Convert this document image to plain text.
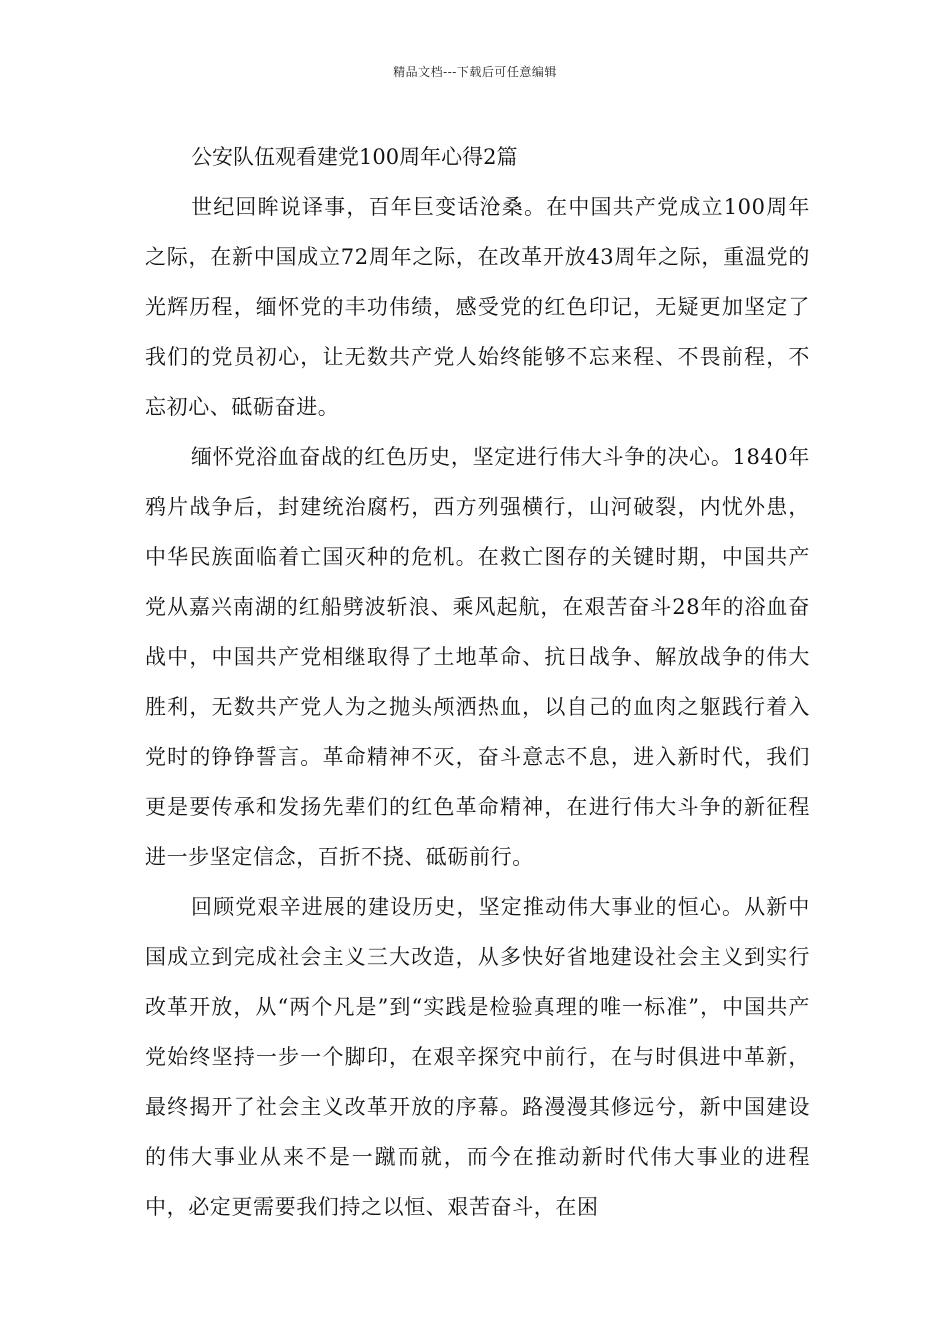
精品文档---下载后可任意编辑
公安队伍观看建党100周年心得2篇

世纪回眸说译事，百年巨变话沧桑。在中国共产党成立100周年之际，在新中国成立72周年之际，在改革开放43周年之际，重温党的光辉历程，缅怀党的丰功伟绩，感受党的红色印记，无疑更加坚定了我们的党员初心，让无数共产党人始终能够不忘来程、不畏前程，不忘初心、砥砺奋进。

缅怀党浴血奋战的红色历史，坚定进行伟大斗争的决心。1840年鸦片战争后，封建统治腐朽，西方列强横行，山河破裂，内忧外患，中华民族面临着亡国灭种的危机。在救亡图存的关键时期，中国共产党从嘉兴南湖的红船劈波斩浪、乘风起航，在艰苦奋斗28年的浴血奋战中，中国共产党相继取得了土地革命、抗日战争、解放战争的伟大胜利，无数共产党人为之抛头颅洒热血，以自己的血肉之躯践行着入党时的铮铮誓言。革命精神不灭，奋斗意志不息，进入新时代，我们更是要传承和发扬先辈们的红色革命精神，在进行伟大斗争的新征程进一步坚定信念，百折不挠、砥砺前行。

回顾党艰辛进展的建设历史，坚定推动伟大事业的恒心。从新中国成立到完成社会主义三大改造，从多快好省地建设社会主义到实行改革开放，从“两个凡是”到“实践是检验真理的唯一标准”，中国共产党始终坚持一步一个脚印，在艰辛探究中前行，在与时俱进中革新，最终揭开了社会主义改革开放的序幕。路漫漫其修远兮，新中国建设的伟大事业从来不是一蹴而就，而今在推动新时代伟大事业的进程中，必定更需要我们持之以恒、艰苦奋斗，在困
